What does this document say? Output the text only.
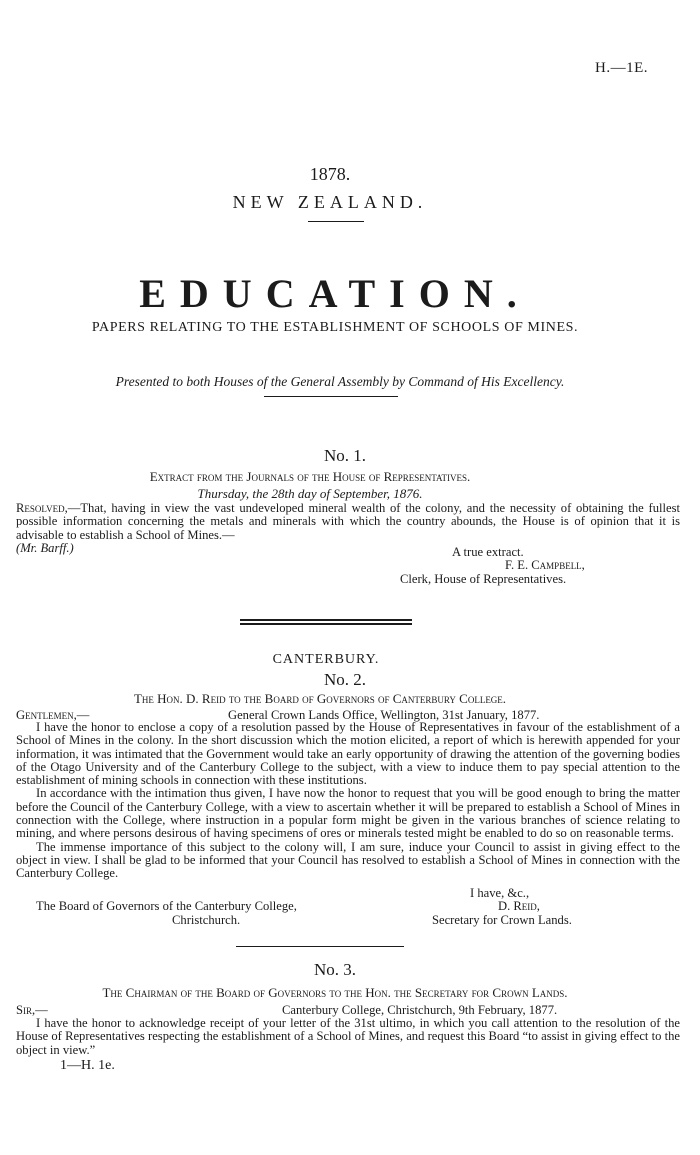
H.—1E.
1878.
NEW ZEALAND.
EDUCATION.
PAPERS RELATING TO THE ESTABLISHMENT OF SCHOOLS OF MINES.
Presented to both Houses of the General Assembly by Command of His Excellency.
No. 1.
Extract from the Journals of the House of Representatives.
Thursday, the 28th day of September, 1876.

Resolved,—That, having in view the vast undeveloped mineral wealth of the colony, and the necessity of obtaining the fullest possible information concerning the metals and minerals with which the country abounds, the House is of opinion that it is advisable to establish a School of Mines.—

(Mr. Barff.)	A true extract.
F. E. Campbell,
Clerk, House of Representatives.
CANTERBURY.
No. 2.
The Hon. D. Reid to the Board of Governors of Canterbury College.
Gentlemen,—	General Crown Lands Office, Wellington, 31st January, 1877.

I have the honor to enclose a copy of a resolution passed by the House of Representatives in favour of the establishment of a School of Mines in the colony. In the short discussion which the motion elicited, a report of which is herewith appended for your information, it was intimated that the Government would take an early opportunity of drawing the attention of the governing bodies of the Otago University and of the Canterbury College to the subject, with a view to induce them to pay special attention to the establishment of mining schools in connection with these institutions.

In accordance with the intimation thus given, I have now the honor to request that you will be good enough to bring the matter before the Council of the Canterbury College, with a view to ascertain whether it will be prepared to establish a School of Mines in connection with the College, where instruction in a popular form might be given in the various branches of science relating to mining, and where persons desirous of having specimens of ores or minerals tested might be enabled to do so on reasonable terms.

The immense importance of this subject to the colony will, I am sure, induce your Council to assist in giving effect to the object in view. I shall be glad to be informed that your Council has resolved to establish a School of Mines in connection with the Canterbury College.

I have, &c.,
The Board of Governors of the Canterbury College,	D. Reid,
Christchurch.	Secretary for Crown Lands.
No. 3.
The Chairman of the Board of Governors to the Hon. the Secretary for Crown Lands.
Sir,—	Canterbury College, Christchurch, 9th February, 1877.

I have the honor to acknowledge receipt of your letter of the 31st ultimo, in which you call attention to the resolution of the House of Representatives respecting the establishment of a School of Mines, and request this Board “to assist in giving effect to the object in view.”

1—H. 1e.
